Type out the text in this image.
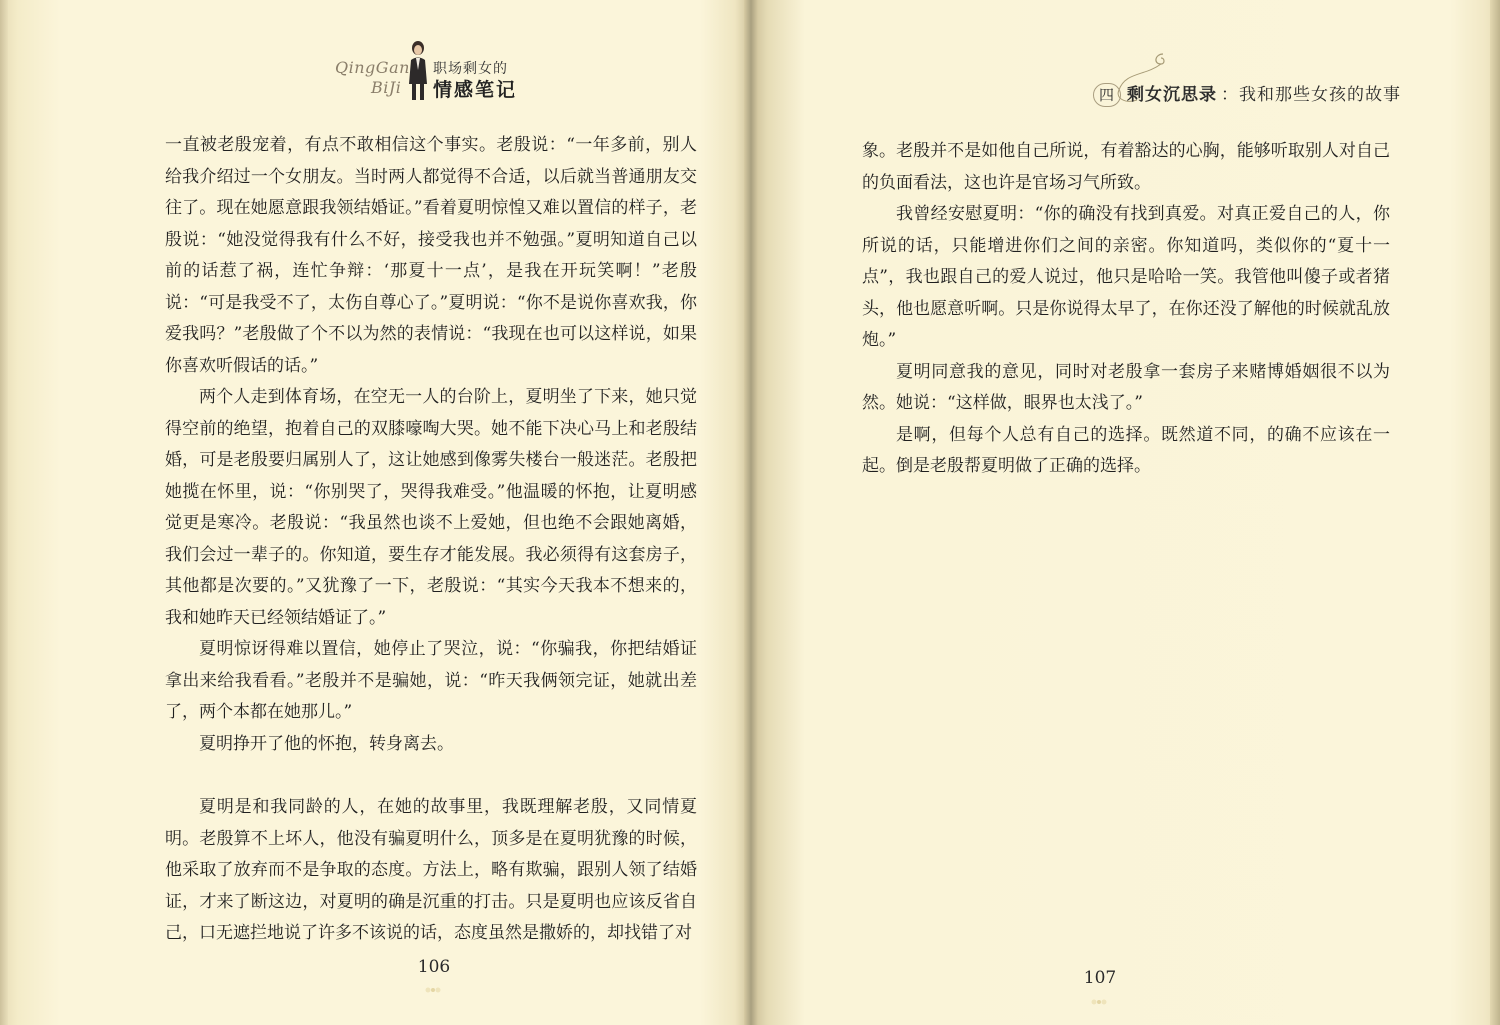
QingGan
BiJi
职场剩女的
情感笔记

一直被老殷宠着，有点不敢相信这个事实。老殷说：“一年多前，别人给我介绍过一个女朋友。当时两人都觉得不合适，以后就当普通朋友交往了。现在她愿意跟我领结婚证。”看着夏明惊惶又难以置信的样子，老殷说：“她没觉得我有什么不好，接受我也并不勉强。”夏明知道自己以前的话惹了祸，连忙争辩：‘那夏十一点’，是我在开玩笑啊！”老殷说：“可是我受不了，太伤自尊心了。”夏明说：“你不是说你喜欢我，你爱我吗？”老殷做了个不以为然的表情说：“我现在也可以这样说，如果你喜欢听假话的话。”

两个人走到体育场，在空无一人的台阶上，夏明坐了下来，她只觉得空前的绝望，抱着自己的双膝嚎啕大哭。她不能下决心马上和老殷结婚，可是老殷要归属别人了，这让她感到像雾失楼台一般迷茫。老殷把她揽在怀里，说：“你别哭了，哭得我难受。”他温暖的怀抱，让夏明感觉更是寒冷。老殷说：“我虽然也谈不上爱她，但也绝不会跟她离婚，我们会过一辈子的。你知道，要生存才能发展。我必须得有这套房子，其他都是次要的。”又犹豫了一下，老殷说：“其实今天我本不想来的，我和她昨天已经领结婚证了。”

夏明惊讶得难以置信，她停止了哭泣，说：“你骗我，你把结婚证拿出来给我看看。”老殷并不是骗她，说：“昨天我俩领完证，她就出差了，两个本都在她那儿。”

夏明挣开了他的怀抱，转身离去。

夏明是和我同龄的人，在她的故事里，我既理解老殷，又同情夏明。老殷算不上坏人，他没有骗夏明什么，顶多是在夏明犹豫的时候，他采取了放弃而不是争取的态度。方法上，略有欺骗，跟别人领了结婚证，才来了断这边，对夏明的确是沉重的打击。只是夏明也应该反省自己，口无遮拦地说了许多不该说的话，态度虽然是撒娇的，却找错了对

106
四 剩女沉思录 ：我和那些女孩的故事

象。老殷并不是如他自己所说，有着豁达的心胸，能够听取别人对自己的负面看法，这也许是官场习气所致。

我曾经安慰夏明：“你的确没有找到真爱。对真正爱自己的人，你所说的话，只能增进你们之间的亲密。你知道吗，类似你的“夏十一点”，我也跟自己的爱人说过，他只是哈哈一笑。我管他叫傻子或者猪头，他也愿意听啊。只是你说得太早了，在你还没了解他的时候就乱放炮。”

夏明同意我的意见，同时对老殷拿一套房子来赌博婚姻很不以为然。她说：“这样做，眼界也太浅了。”

是啊，但每个人总有自己的选择。既然道不同，的确不应该在一起。倒是老殷帮夏明做了正确的选择。

107
